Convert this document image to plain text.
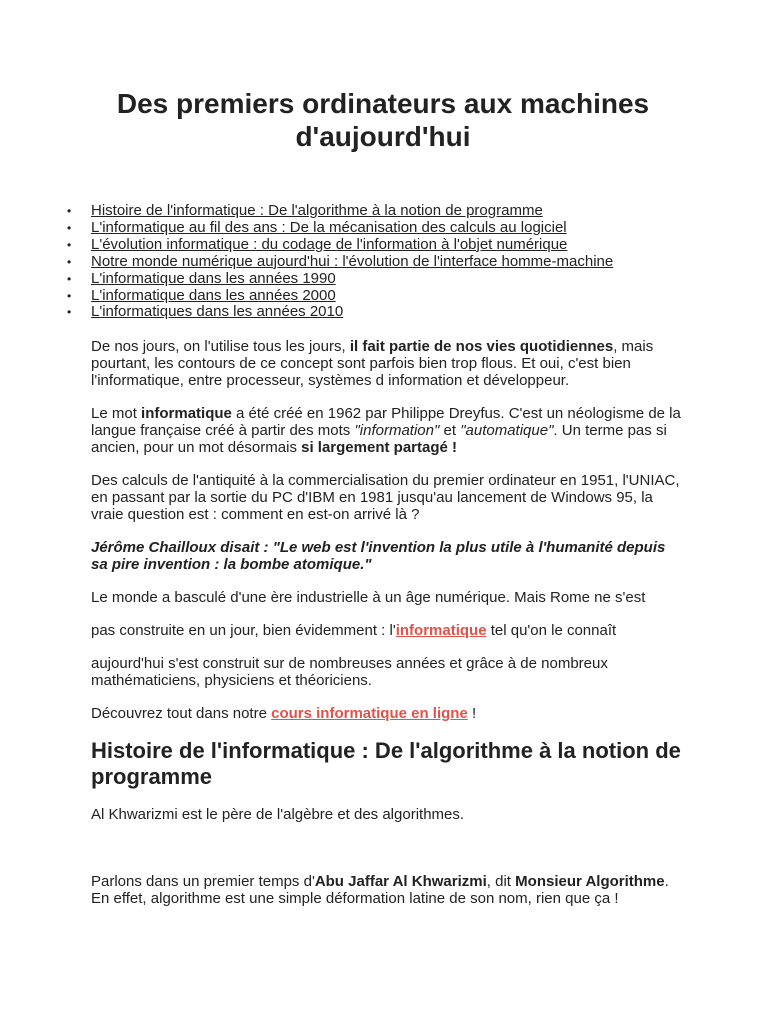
Des premiers ordinateurs aux machines d'aujourd'hui
• Histoire de l'informatique : De l'algorithme à la notion de programme
• L'informatique au fil des ans : De la mécanisation des calculs au logiciel
• L'évolution informatique : du codage de l'information à l'objet numérique
• Notre monde numérique aujourd'hui : l'évolution de l'interface homme-machine
• L'informatique dans les années 1990
• L'informatique dans les années 2000
• L'informatiques dans les années 2010

De nos jours, on l'utilise tous les jours, il fait partie de nos vies quotidiennes, mais pourtant, les contours de ce concept sont parfois bien trop flous. Et oui, c'est bien l'informatique, entre processeur, systèmes d information et développeur.

Le mot informatique a été créé en 1962 par Philippe Dreyfus. C'est un néologisme de la langue française créé à partir des mots "information" et "automatique". Un terme pas si ancien, pour un mot désormais si largement partagé !

Des calculs de l'antiquité à la commercialisation du premier ordinateur en 1951, l'UNIAC, en passant par la sortie du PC d'IBM en 1981 jusqu'au lancement de Windows 95, la vraie question est : comment en est-on arrivé là ?

Jérôme Chailloux disait : "Le web est l'invention la plus utile à l'humanité depuis sa pire invention : la bombe atomique."

Le monde a basculé d'une ère industrielle à un âge numérique. Mais Rome ne s'est

pas construite en un jour, bien évidemment : l'informatique tel qu'on le connaît

aujourd'hui s'est construit sur de nombreuses années et grâce à de nombreux mathématiciens, physiciens et théoriciens.

Découvrez tout dans notre cours informatique en ligne !

Histoire de l'informatique : De l'algorithme à la notion de programme

Al Khwarizmi est le père de l'algèbre et des algorithmes.

Parlons dans un premier temps d'Abu Jaffar Al Khwarizmi, dit Monsieur Algorithme. En effet, algorithme est une simple déformation latine de son nom, rien que ça !
